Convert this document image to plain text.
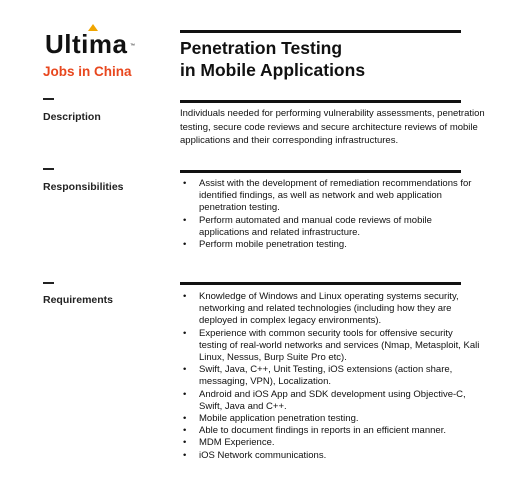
Ultima ™
Jobs in China
Penetration Testing
in Mobile Applications
Description	Individuals needed for performing vulnerability assessments, penetration testing, secure code reviews and secure architecture reviews of mobile applications and their corresponding infrastructures.
Responsibilities	• Assist with the development of remediation recommendations for identified findings, as well as network and web application penetration testing.
• Perform automated and manual code reviews of mobile applications and related infrastructure.
• Perform mobile penetration testing.
Requirements	• Knowledge of Windows and Linux operating systems security, networking and related technologies (including how they are deployed in complex legacy environments).
• Experience with common security tools for offensive security testing of real-world networks and services (Nmap, Metasploit, Kali Linux, Nessus, Burp Suite Pro etc).
• Swift, Java, C++, Unit Testing, iOS extensions (action share, messaging, VPN), Localization.
• Android and iOS App and SDK development using Objective-C, Swift, Java and C++.
• Mobile application penetration testing.
• Able to document findings in reports in an efficient manner.
• MDM Experience.
• iOS Network communications.
